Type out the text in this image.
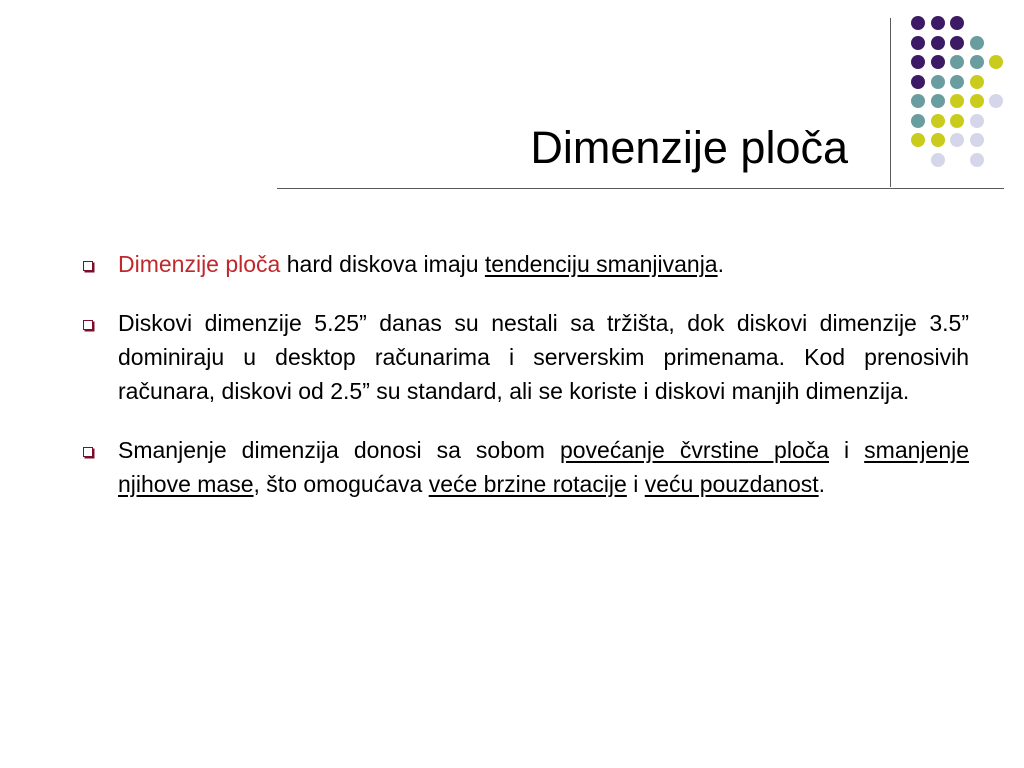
Dimenzije ploča
Dimenzije ploča hard diskova imaju tendenciju smanjivanja.
Diskovi dimenzije 5.25” danas su nestali sa tržišta, dok diskovi dimenzije 3.5” dominiraju u desktop računarima i serverskim primenama. Kod prenosivih računara, diskovi od 2.5” su standard, ali se koriste i diskovi manjih dimenzija.
Smanjenje dimenzija donosi sa sobom povećanje čvrstine ploča i smanjenje njihove mase, što omogućava veće brzine rotacije i veću pouzdanost.
